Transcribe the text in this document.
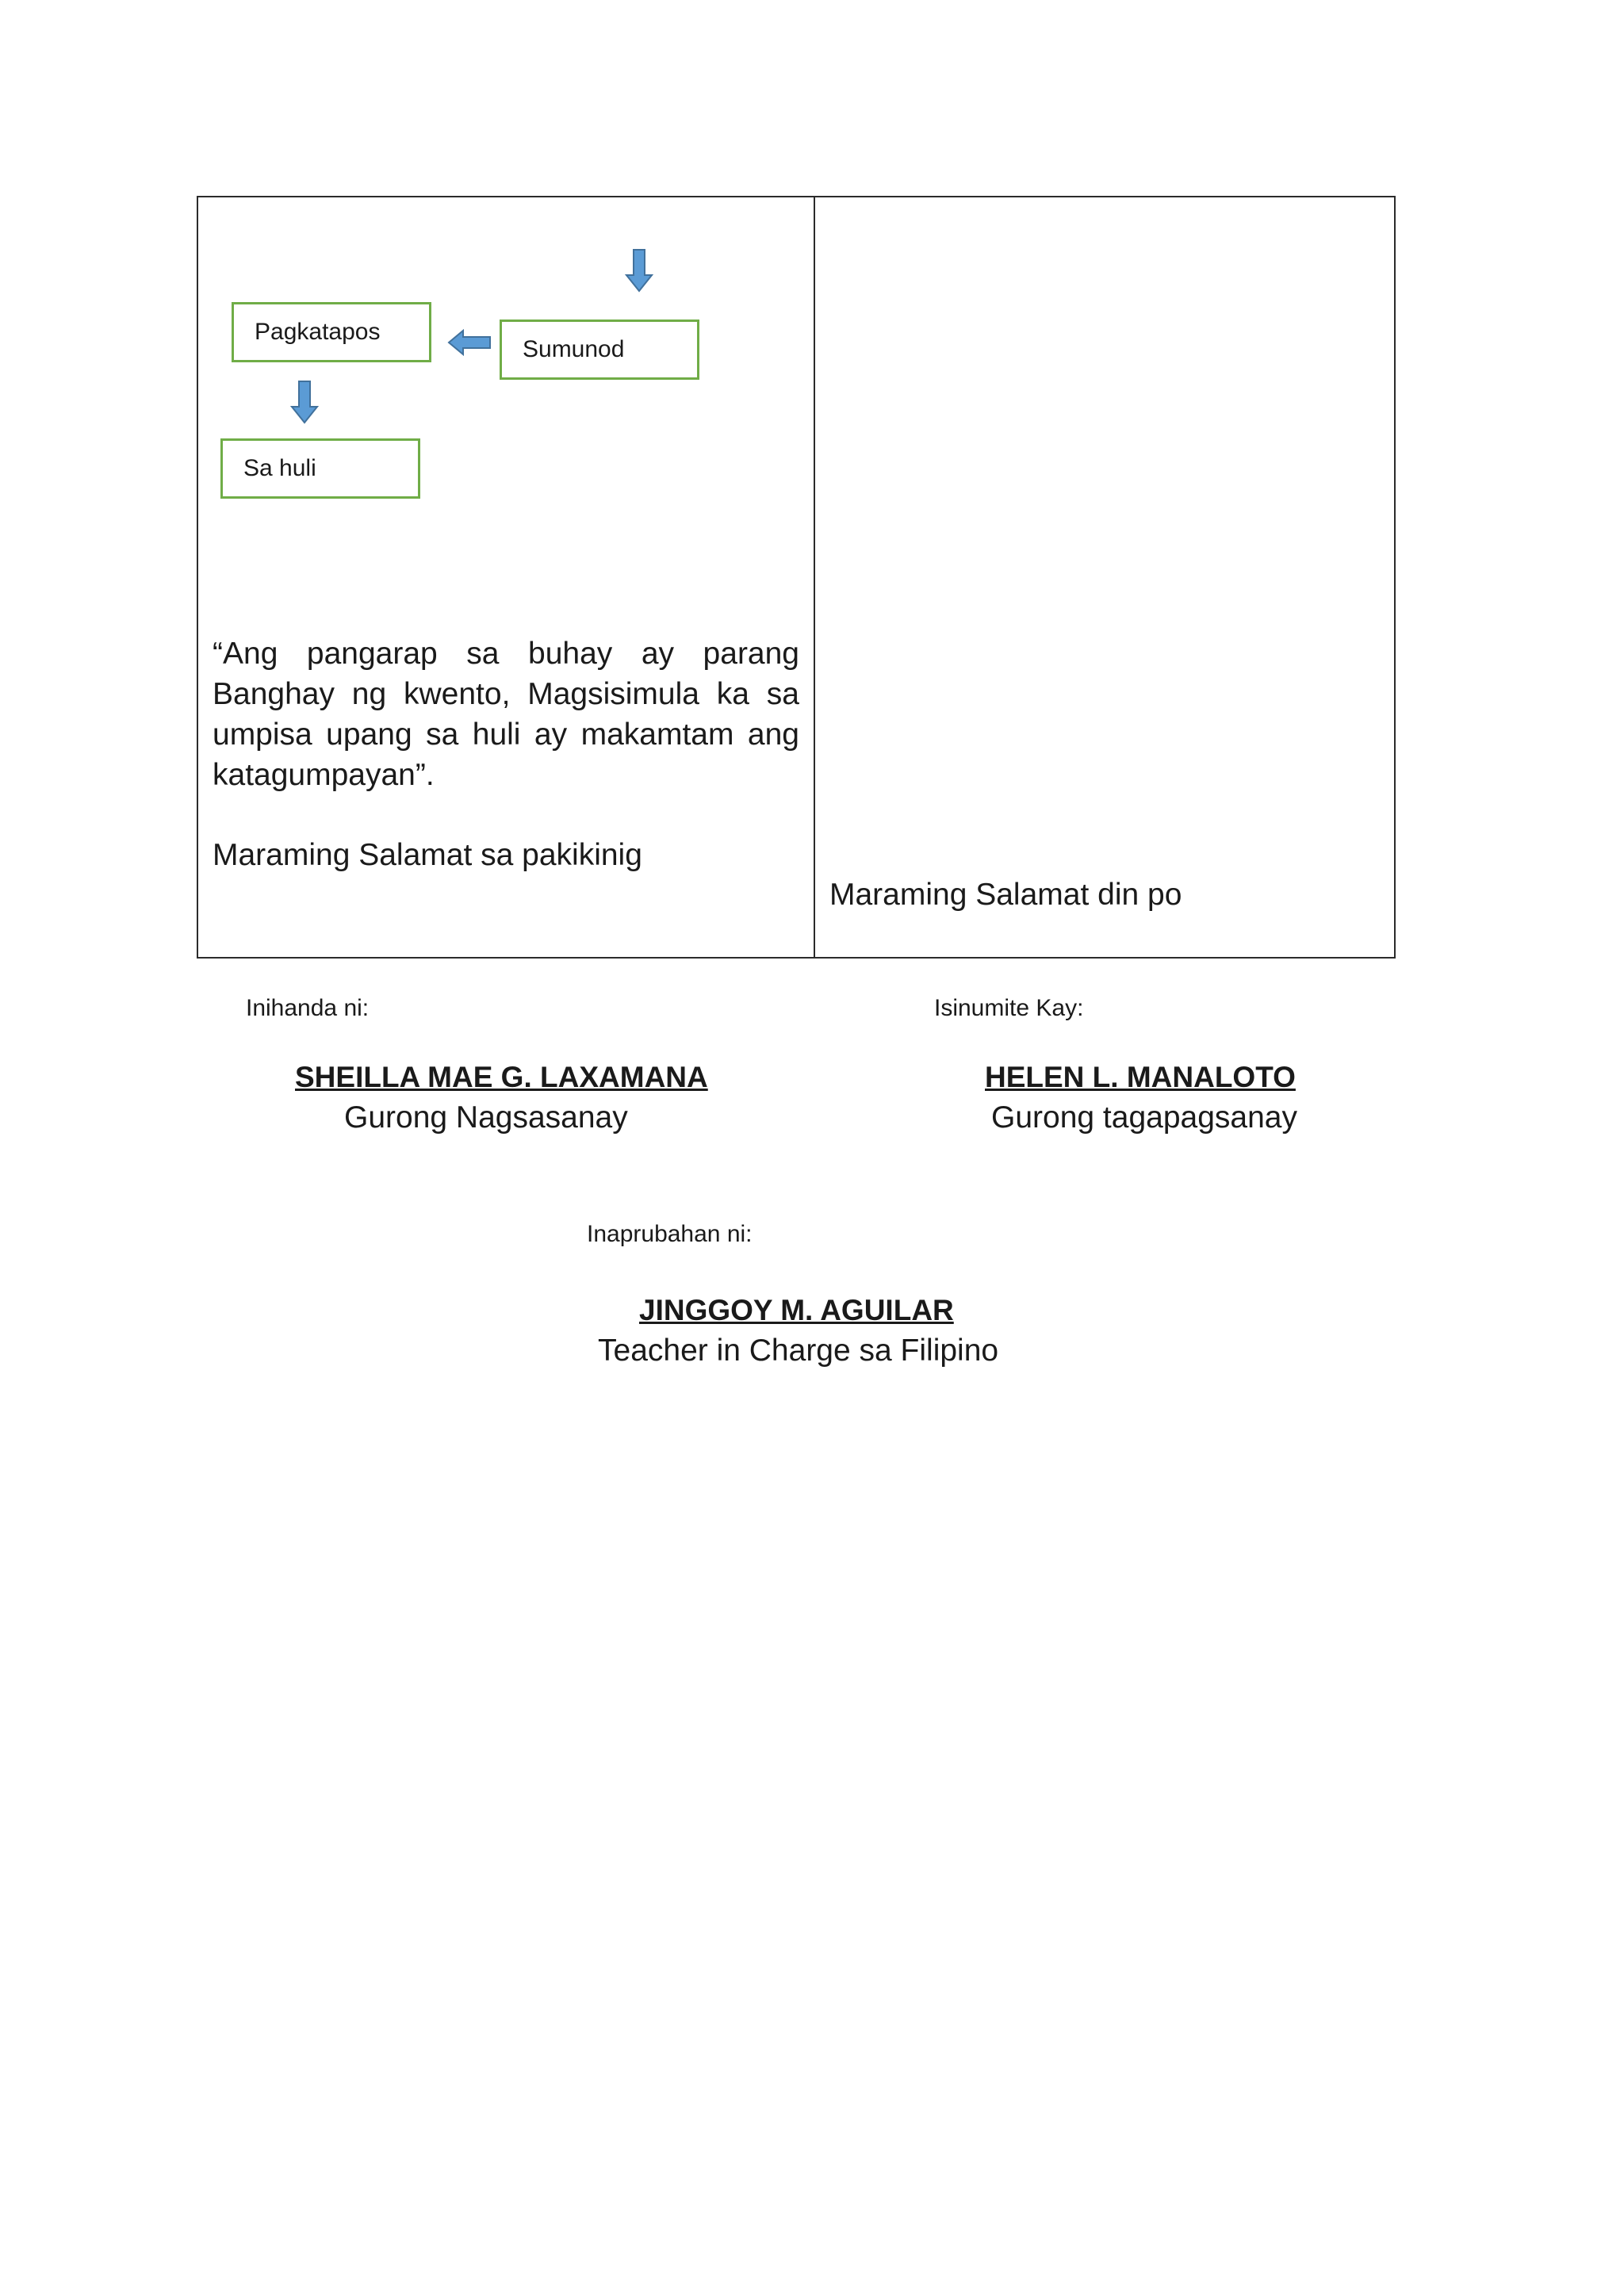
Pagkatapos
Sumunod
Sa huli
“Ang pangarap sa buhay ay parang Banghay ng kwento, Magsisimula ka sa umpisa upang sa huli ay makamtam ang katagumpayan”.
Maraming Salamat sa pakikinig
Maraming Salamat din po
Inihanda ni:
SHEILLA MAE G. LAXAMANA
Gurong Nagsasanay
Isinumite Kay:
HELEN L. MANALOTO
Gurong tagapagsanay
Inaprubahan ni:
JINGGOY M. AGUILAR
Teacher in Charge sa Filipino
